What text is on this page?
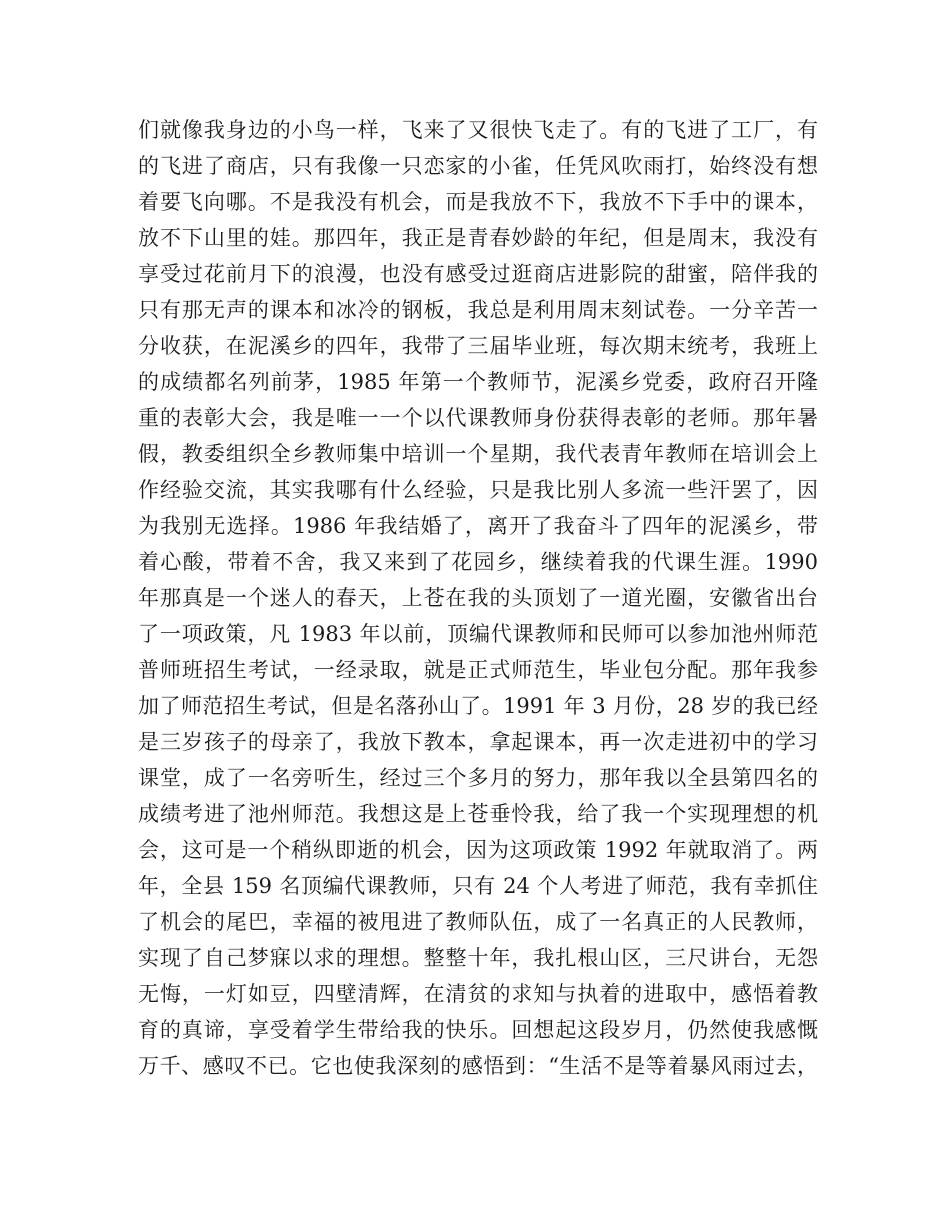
们就像我身边的小鸟一样，飞来了又很快飞走了。有的飞进了工厂，有
的飞进了商店，只有我像一只恋家的小雀，任凭风吹雨打，始终没有想
着要飞向哪。不是我没有机会，而是我放不下，我放不下手中的课本，
放不下山里的娃。那四年，我正是青春妙龄的年纪，但是周末，我没有
享受过花前月下的浪漫，也没有感受过逛商店进影院的甜蜜，陪伴我的
只有那无声的课本和冰冷的钢板，我总是利用周末刻试卷。一分辛苦一
分收获，在泥溪乡的四年，我带了三届毕业班，每次期末统考，我班上
的成绩都名列前茅，1985 年第一个教师节，泥溪乡党委，政府召开隆
重的表彰大会，我是唯一一个以代课教师身份获得表彰的老师。那年暑
假，教委组织全乡教师集中培训一个星期，我代表青年教师在培训会上
作经验交流，其实我哪有什么经验，只是我比别人多流一些汗罢了，因
为我别无选择。1986 年我结婚了，离开了我奋斗了四年的泥溪乡，带
着心酸，带着不舍，我又来到了花园乡，继续着我的代课生涯。1990
年那真是一个迷人的春天，上苍在我的头顶划了一道光圈，安徽省出台
了一项政策，凡 1983 年以前，顶编代课教师和民师可以参加池州师范
普师班招生考试，一经录取，就是正式师范生，毕业包分配。那年我参
加了师范招生考试，但是名落孙山了。1991 年 3 月份，28 岁的我已经
是三岁孩子的母亲了，我放下教本，拿起课本，再一次走进初中的学习
课堂，成了一名旁听生，经过三个多月的努力，那年我以全县第四名的
成绩考进了池州师范。我想这是上苍垂怜我，给了我一个实现理想的机
会，这可是一个稍纵即逝的机会，因为这项政策 1992 年就取消了。两
年，全县 159 名顶编代课教师，只有 24 个人考进了师范，我有幸抓住
了机会的尾巴，幸福的被甩进了教师队伍，成了一名真正的人民教师，
实现了自己梦寐以求的理想。整整十年，我扎根山区，三尺讲台，无怨
无悔，一灯如豆，四壁清辉，在清贫的求知与执着的进取中，感悟着教
育的真谛，享受着学生带给我的快乐。回想起这段岁月，仍然使我感慨
万千、感叹不已。它也使我深刻的感悟到：“生活不是等着暴风雨过去，
